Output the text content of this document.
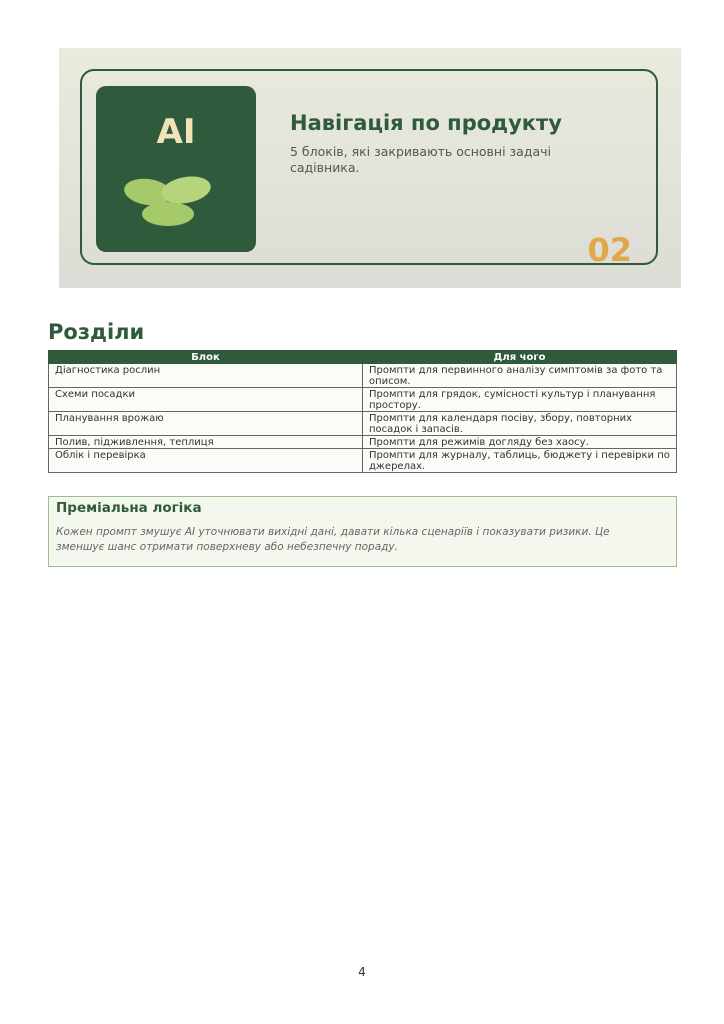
AI	Навігація по продукту
5 блоків, які закривають основні задачі садівника.
02
Розділи
Блок	Для чого
Діагностика рослин	Промпти для первинного аналізу симптомів за фото та описом.
Схеми посадки	Промпти для грядок, сумісності культур і планування простору.
Планування врожаю	Промпти для календаря посіву, збору, повторних посадок і запасів.
Полив, підживлення, теплиця	Промпти для режимів догляду без хаосу.
Облік і перевірка	Промпти для журналу, таблиць, бюджету і перевірки по джерелах.
Преміальна логіка
Кожен промпт змушує AI уточнювати вихідні дані, давати кілька сценаріїв і показувати ризики. Це зменшує шанс отримати поверхневу або небезпечну пораду.
4
